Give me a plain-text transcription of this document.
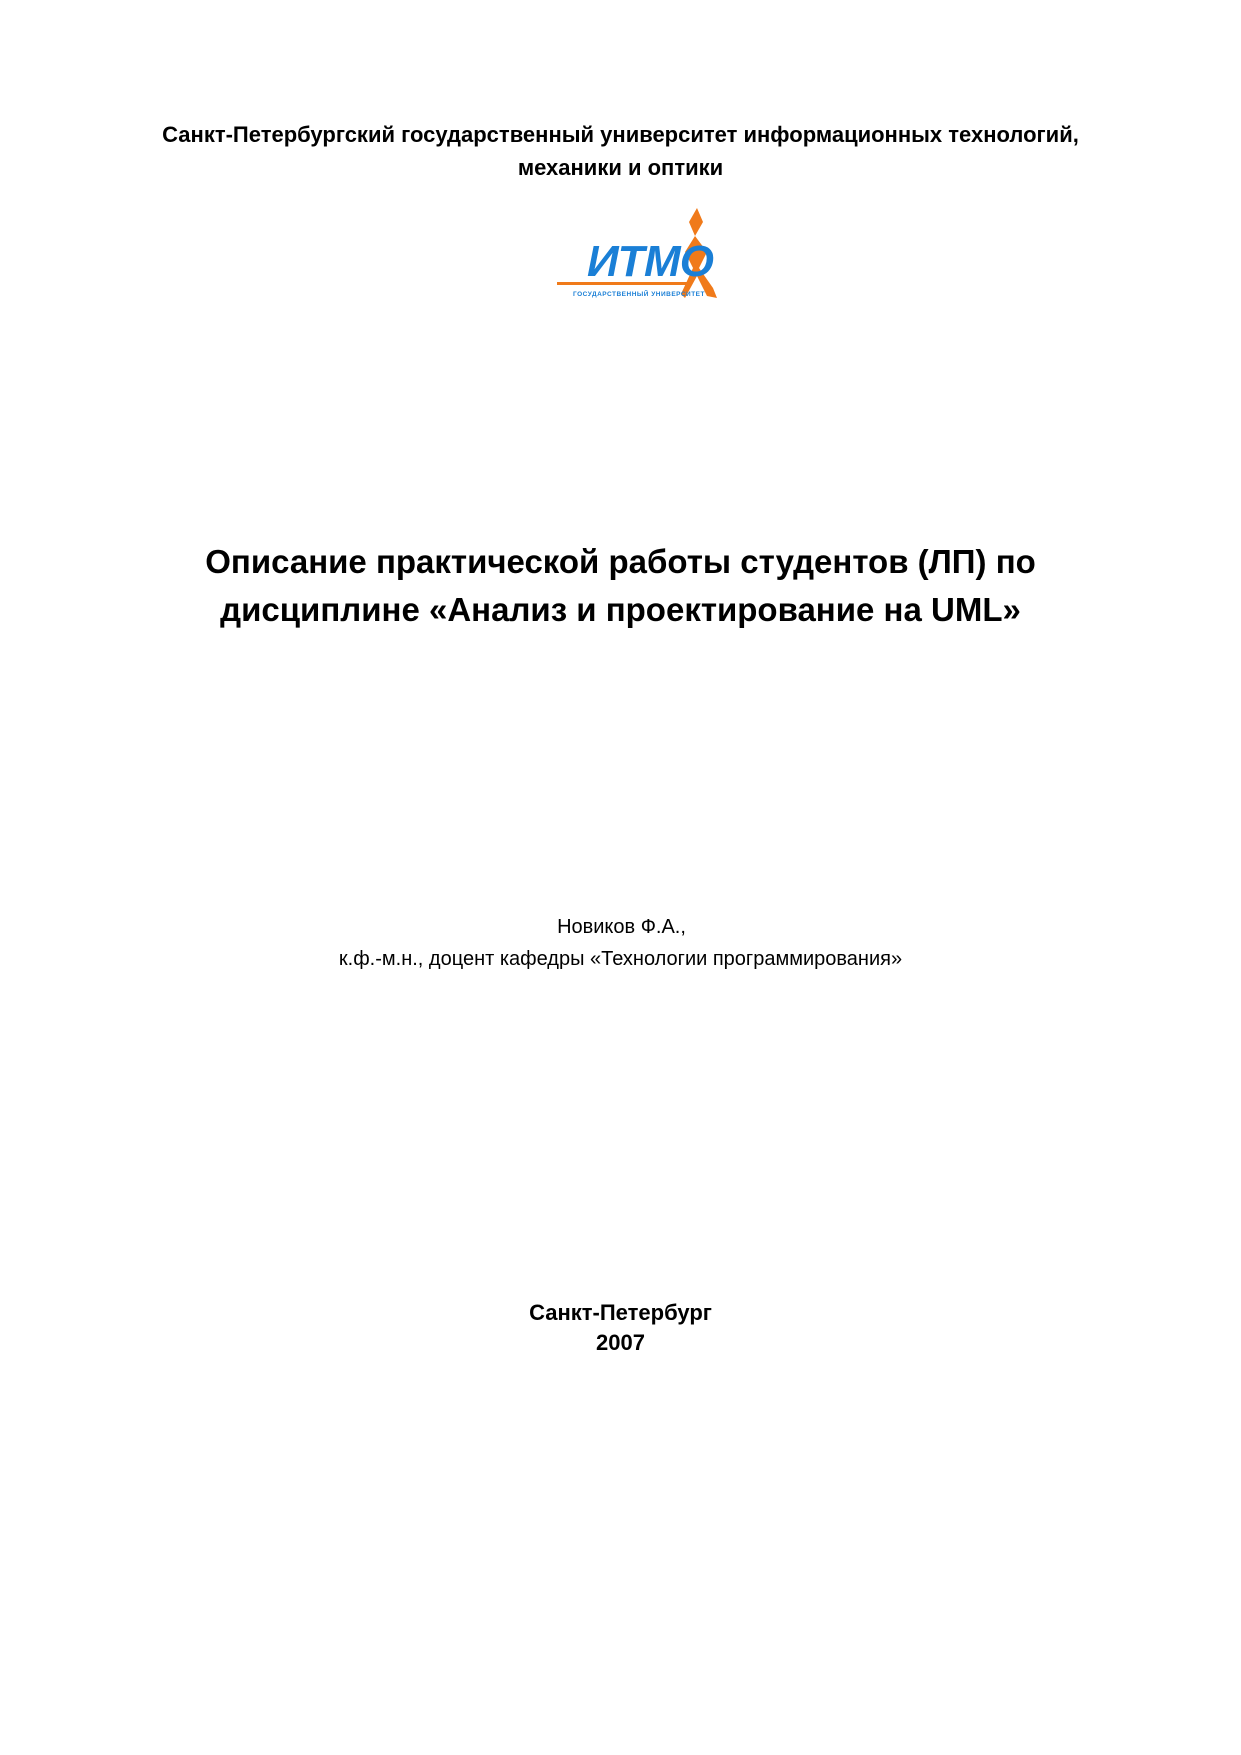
Санкт-Петербургский государственный университет информационных технологий,
механики и оптики
ИТМО
ГОСУДАРСТВЕННЫЙ УНИВЕРСИТЕТ
Описание практической работы студентов (ЛП) по
дисциплине «Анализ и проектирование на UML»
Новиков Ф.А.,
к.ф.-м.н., доцент кафедры «Технологии программирования»
Санкт-Петербург
2007
